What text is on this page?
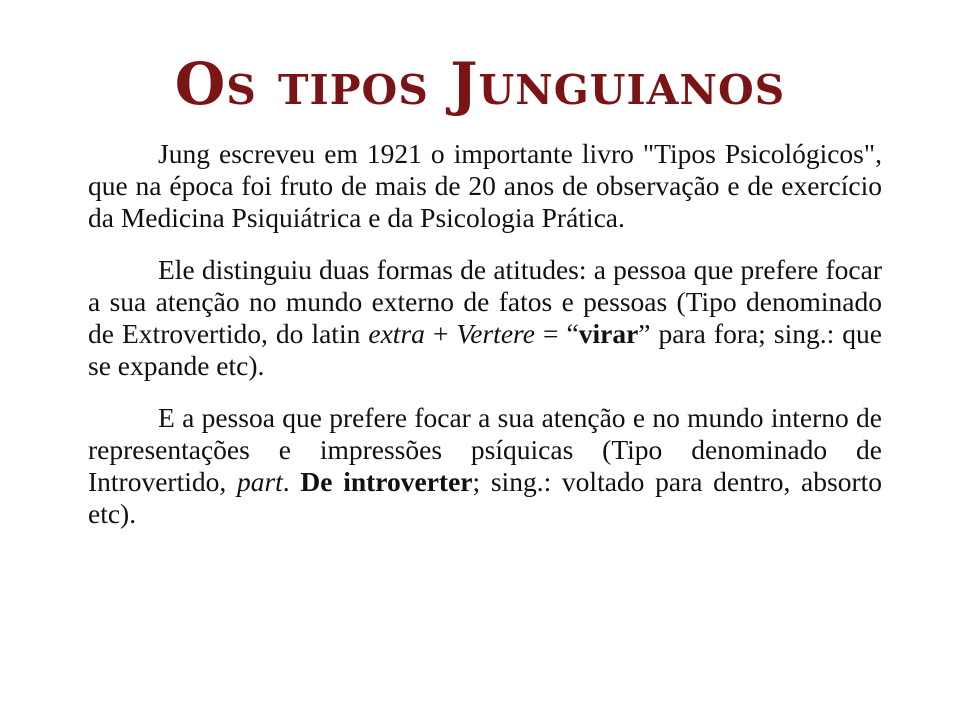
Os tipos Junguianos

Jung escreveu em 1921 o importante livro "Tipos Psicológicos", que na época foi fruto de mais de 20 anos de observação e de exercício da Medicina Psiquiátrica e da Psicologia Prática.

Ele distinguiu duas formas de atitudes: a pessoa que prefere focar a sua atenção no mundo externo de fatos e pessoas (Tipo denominado de Extrovertido, do latin extra + Vertere = “virar” para fora; sing.: que se expande etc).

E a pessoa que prefere focar a sua atenção e no mundo interno de representações e impressões psíquicas (Tipo denominado de Introvertido, part. De introverter; sing.: voltado para dentro, absorto etc).
